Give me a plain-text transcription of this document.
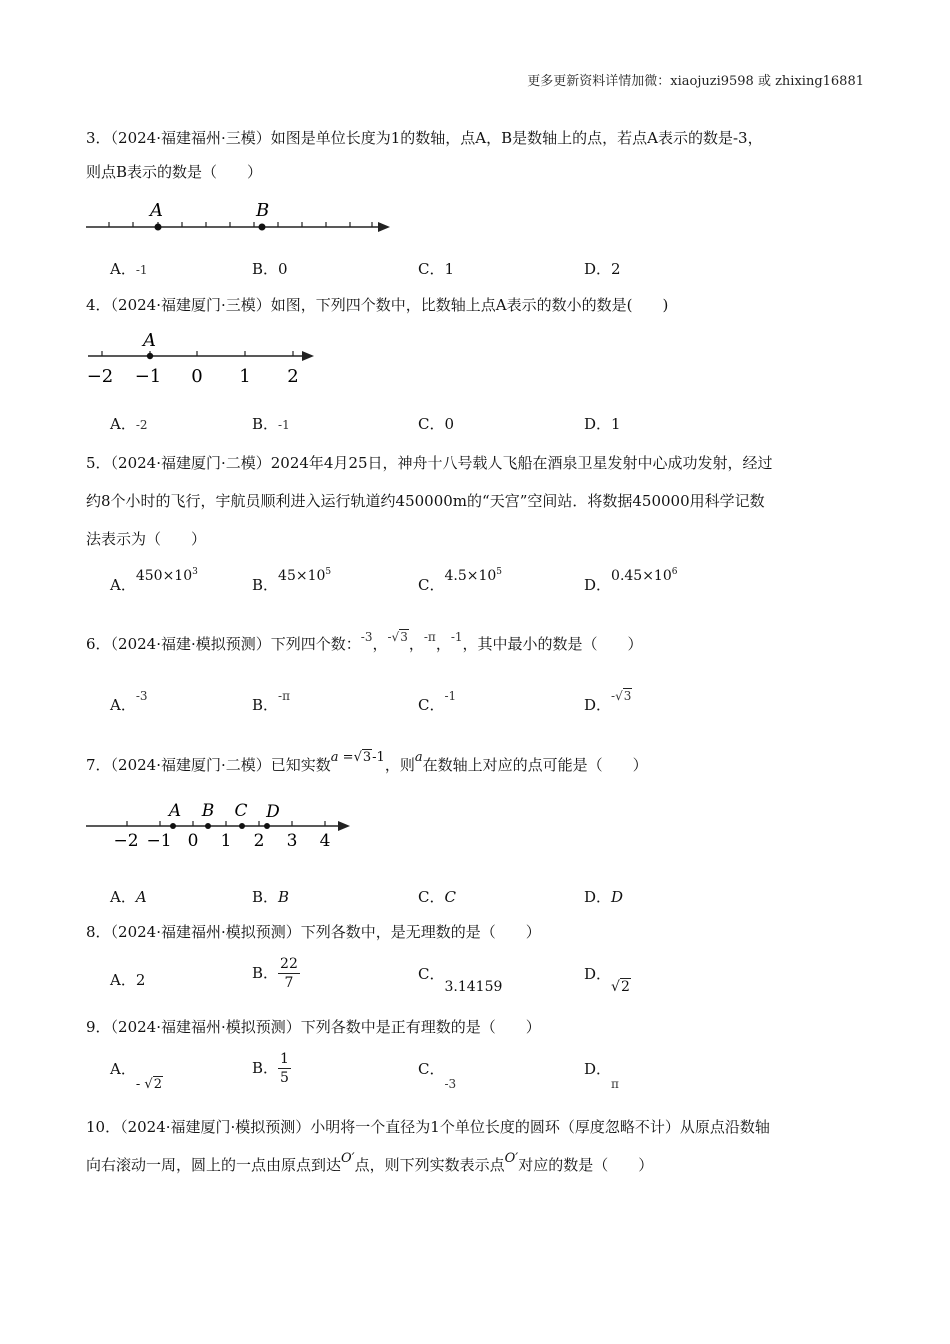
更多更新资料详情加微：xiaojuzi9598 或 zhixing16881
3．（2024·福建福州·三模）如图是单位长度为1的数轴，点A，B是数轴上的点，若点A表示的数是-3，
则点B表示的数是（　　）
A	B
A．-1	B．0	C．1	D．2
4．（2024·福建厦门·三模）如图，下列四个数中，比数轴上点A表示的数小的数是(　　)
A
−2 −1 0 1 2
A．-2	B．-1	C．0	D．1
5．（2024·福建厦门·二模）2024年4月25日，神舟十八号载人飞船在酒泉卫星发射中心成功发射，经过
约8个小时的飞行，宇航员顺利进入运行轨道约450000m的“天宫”空间站．将数据450000用科学记数
法表示为（　　）
A．$450\times 10^3$
B．$45\times 10^5$
C．$4.5\times 10^5$
D．$0.45\times 10^6$
6．（2024·福建·模拟预测）下列四个数：$^{-3}$，$^{-√3}$，$^{-\pi}$，$^{-1}$，其中最小的数是（　　）
A．-3	B．-π	C．-1	D．-√3
7．（2024·福建厦门·二模）已知实数a =√3-1，则a在数轴上对应的点可能是（　　）
A B C D
−2 −1 0 1 2 3 4
A．A	B．B	C．C	D．D
8．（2024·福建福州·模拟预测）下列各数中，是无理数的是（　　）
A．2	B． $\frac{22}{7}$	C．3.14159
D．√2
9．（2024·福建福州·模拟预测）下列各数中是正有理数的是（　　）
A．- √2
B． $\frac{1}{5}$	C．$_{-3}$
D．$_\pi$
10．（2024·福建厦门·模拟预测）小明将一个直径为1个单位长度的圆环（厚度忽略不计）从原点沿数轴
向右滚动一周，圆上的一点由原点到达O′点，则下列实数表示点O′对应的数是（　　）
